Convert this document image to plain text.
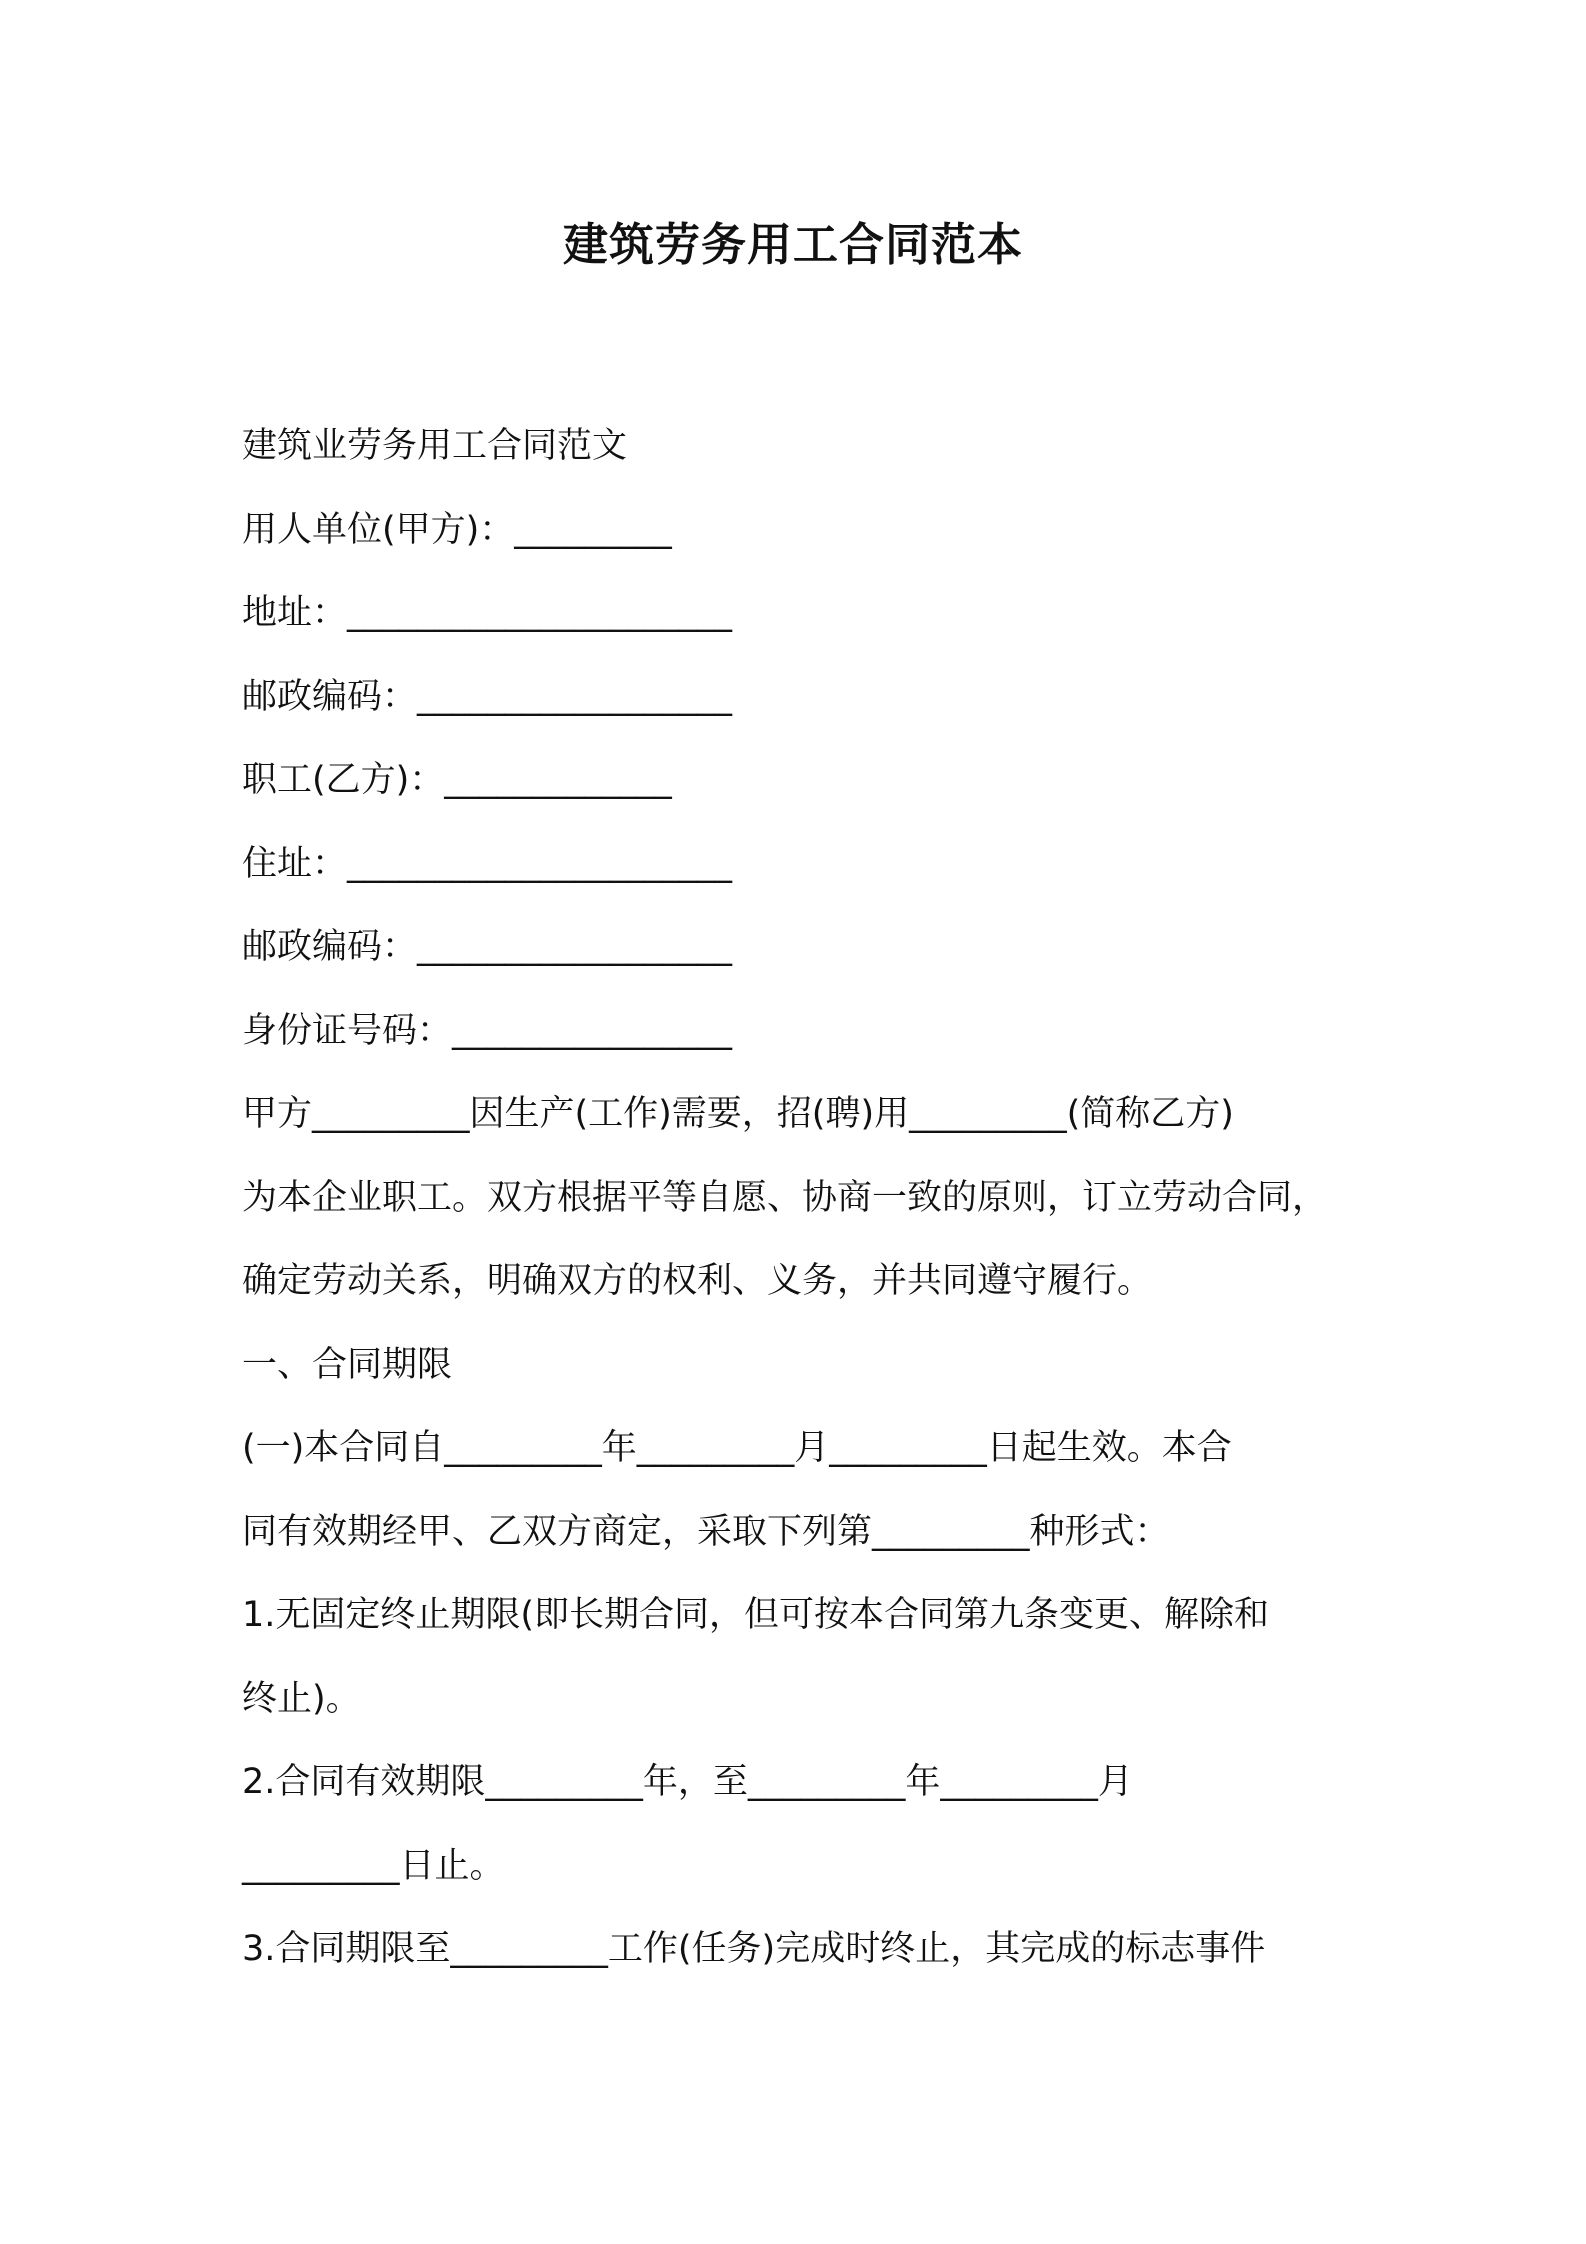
建筑劳务用工合同范本
建筑业劳务用工合同范文
用人单位(甲方)：_________
地址：______________________
邮政编码：__________________
职工(乙方)：_____________
住址：______________________
邮政编码：__________________
身份证号码：________________
甲方_________因生产(工作)需要，招(聘)用_________(简称乙方)
为本企业职工。双方根据平等自愿、协商一致的原则，订立劳动合同，
确定劳动关系，明确双方的权利、义务，并共同遵守履行。
一、合同期限
(一)本合同自_________年_________月_________日起生效。本合
同有效期经甲、乙双方商定，采取下列第_________种形式：
1.无固定终止期限(即长期合同，但可按本合同第九条变更、解除和
终止)。
2.合同有效期限_________年，至_________年_________月
_________日止。
3.合同期限至_________工作(任务)完成时终止，其完成的标志事件
